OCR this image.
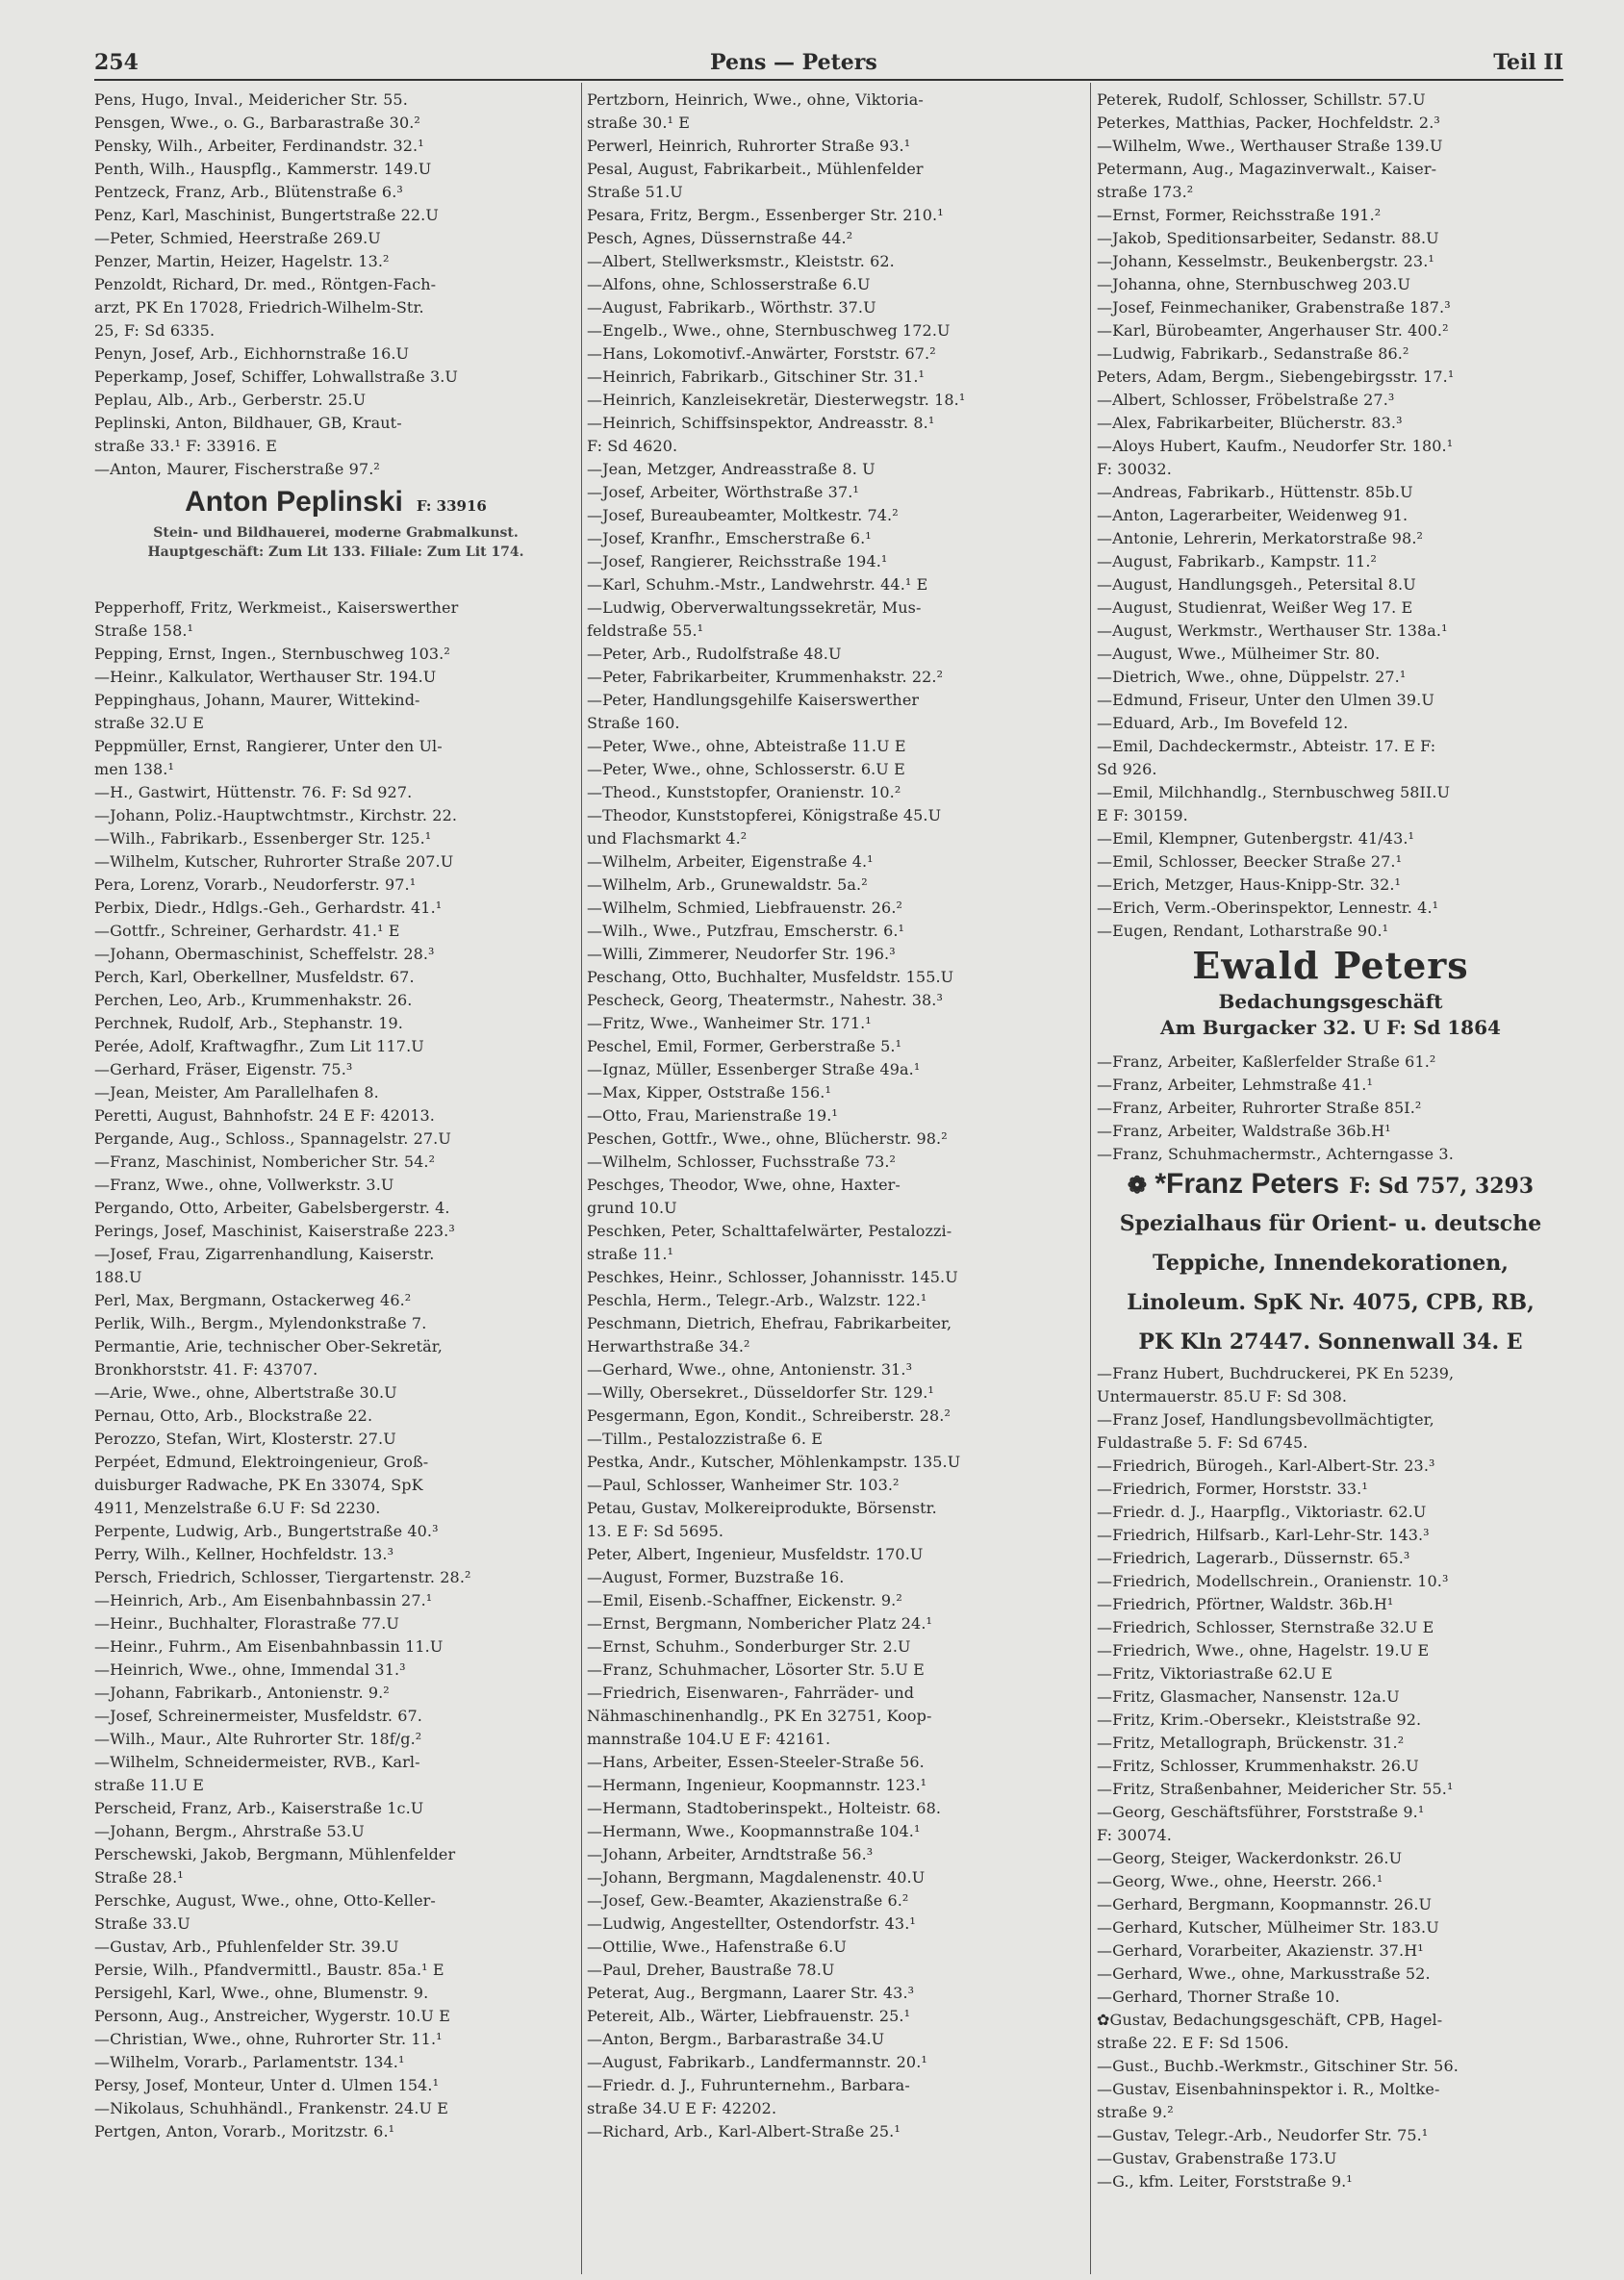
254	Pens — Peters	Teil II
Pens, Hugo, Inval., Meidericher Str. 55.
Pensgen, Wwe., o. G., Barbarastraße 30.²
Pensky, Wilh., Arbeiter, Ferdinandstr. 32.¹
Penth, Wilh., Hauspflg., Kammerstr. 149.U
Pentzeck, Franz, Arb., Blütenstraße 6.³
Penz, Karl, Maschinist, Bungertstraße 22.U
—Peter, Schmied, Heerstraße 269.U
Penzer, Martin, Heizer, Hagelstr. 13.²
Penzoldt, Richard, Dr. med., Röntgen-Fach-
arzt, PK En 17028, Friedrich-Wilhelm-Str.
25, F: Sd 6335.
Penyn, Josef, Arb., Eichhornstraße 16.U
Peperkamp, Josef, Schiffer, Lohwallstraße 3.U
Peplau, Alb., Arb., Gerberstr. 25.U
Peplinski, Anton, Bildhauer, GB, Kraut-
straße 33.¹ F: 33916. E
—Anton, Maurer, Fischerstraße 97.²
Anton Peplinski F: 33916
Stein- und Bildhauerei, moderne Grabmalkunst.
Hauptgeschäft: Zum Lit 133. Filiale: Zum Lit 174.
Pepperhoff, Fritz, Werkmeist., Kaiserswerther
Straße 158.¹
Pepping, Ernst, Ingen., Sternbuschweg 103.²
—Heinr., Kalkulator, Werthauser Str. 194.U
Peppinghaus, Johann, Maurer, Wittekind-
straße 32.U E
Peppmüller, Ernst, Rangierer, Unter den Ul-
men 138.¹
—H., Gastwirt, Hüttenstr. 76. F: Sd 927.
—Johann, Poliz.-Hauptwchtmstr., Kirchstr. 22.
—Wilh., Fabrikarb., Essenberger Str. 125.¹
—Wilhelm, Kutscher, Ruhrorter Straße 207.U
Pera, Lorenz, Vorarb., Neudorferstr. 97.¹
Perbix, Diedr., Hdlgs.-Geh., Gerhardstr. 41.¹
—Gottfr., Schreiner, Gerhardstr. 41.¹ E
—Johann, Obermaschinist, Scheffelstr. 28.³
Perch, Karl, Oberkellner, Musfeldstr. 67.
Perchen, Leo, Arb., Krummenhakstr. 26.
Perchnek, Rudolf, Arb., Stephanstr. 19.
Perée, Adolf, Kraftwagfhr., Zum Lit 117.U
—Gerhard, Fräser, Eigenstr. 75.³
—Jean, Meister, Am Parallelhafen 8.
Peretti, August, Bahnhofstr. 24 E F: 42013.
Pergande, Aug., Schloss., Spannagelstr. 27.U
—Franz, Maschinist, Nombericher Str. 54.²
—Franz, Wwe., ohne, Vollwerkstr. 3.U
Pergando, Otto, Arbeiter, Gabelsbergerstr. 4.
Perings, Josef, Maschinist, Kaiserstraße 223.³
—Josef, Frau, Zigarrenhandlung, Kaiserstr.
188.U
Perl, Max, Bergmann, Ostackerweg 46.²
Perlik, Wilh., Bergm., Mylendonkstraße 7.
Permantie, Arie, technischer Ober-Sekretär,
Bronkhorststr. 41. F: 43707.
—Arie, Wwe., ohne, Albertstraße 30.U
Pernau, Otto, Arb., Blockstraße 22.
Perozzo, Stefan, Wirt, Klosterstr. 27.U
Perpéet, Edmund, Elektroingenieur, Groß-
duisburger Radwache, PK En 33074, SpK
4911, Menzelstraße 6.U F: Sd 2230.
Perpente, Ludwig, Arb., Bungertstraße 40.³
Perry, Wilh., Kellner, Hochfeldstr. 13.³
Persch, Friedrich, Schlosser, Tiergartenstr. 28.²
—Heinrich, Arb., Am Eisenbahnbassin 27.¹
—Heinr., Buchhalter, Florastraße 77.U
—Heinr., Fuhrm., Am Eisenbahnbassin 11.U
—Heinrich, Wwe., ohne, Immendal 31.³
—Johann, Fabrikarb., Antonienstr. 9.²
—Josef, Schreinermeister, Musfeldstr. 67.
—Wilh., Maur., Alte Ruhrorter Str. 18f/g.²
—Wilhelm, Schneidermeister, RVB., Karl-
straße 11.U E
Perscheid, Franz, Arb., Kaiserstraße 1c.U
—Johann, Bergm., Ahrstraße 53.U
Perschewski, Jakob, Bergmann, Mühlenfelder
Straße 28.¹
Perschke, August, Wwe., ohne, Otto-Keller-
Straße 33.U
—Gustav, Arb., Pfuhlenfelder Str. 39.U
Persie, Wilh., Pfandvermittl., Baustr. 85a.¹ E
Persigehl, Karl, Wwe., ohne, Blumenstr. 9.
Personn, Aug., Anstreicher, Wygerstr. 10.U E
—Christian, Wwe., ohne, Ruhrorter Str. 11.¹
—Wilhelm, Vorarb., Parlamentstr. 134.¹
Persy, Josef, Monteur, Unter d. Ulmen 154.¹
—Nikolaus, Schuhhändl., Frankenstr. 24.U E
Pertgen, Anton, Vorarb., Moritzstr. 6.¹
Pertzborn, Heinrich, Wwe., ohne, Viktoria-
straße 30.¹ E
Perwerl, Heinrich, Ruhrorter Straße 93.¹
Pesal, August, Fabrikarbeit., Mühlenfelder
Straße 51.U
Pesara, Fritz, Bergm., Essenberger Str. 210.¹
Pesch, Agnes, Düssernstraße 44.²
—Albert, Stellwerksmstr., Kleiststr. 62.
—Alfons, ohne, Schlosserstraße 6.U
—August, Fabrikarb., Wörthstr. 37.U
—Engelb., Wwe., ohne, Sternbuschweg 172.U
—Hans, Lokomotivf.-Anwärter, Forststr. 67.²
—Heinrich, Fabrikarb., Gitschiner Str. 31.¹
—Heinrich, Kanzleisekretär, Diesterwegstr. 18.¹
—Heinrich, Schiffsinspektor, Andreasstr. 8.¹
F: Sd 4620.
—Jean, Metzger, Andreasstraße 8. U
—Josef, Arbeiter, Wörthstraße 37.¹
—Josef, Bureaubeamter, Moltkestr. 74.²
—Josef, Kranfhr., Emscherstraße 6.¹
—Josef, Rangierer, Reichsstraße 194.¹
—Karl, Schuhm.-Mstr., Landwehrstr. 44.¹ E
—Ludwig, Oberverwaltungssekretär, Mus-
feldstraße 55.¹
—Peter, Arb., Rudolfstraße 48.U
—Peter, Fabrikarbeiter, Krummenhakstr. 22.²
—Peter, Handlungsgehilfe Kaiserswerther
Straße 160.
—Peter, Wwe., ohne, Abteistraße 11.U E
—Peter, Wwe., ohne, Schlosserstr. 6.U E
—Theod., Kunststopfer, Oranienstr. 10.²
—Theodor, Kunststopferei, Königstraße 45.U
und Flachsmarkt 4.²
—Wilhelm, Arbeiter, Eigenstraße 4.¹
—Wilhelm, Arb., Grunewaldstr. 5a.²
—Wilhelm, Schmied, Liebfrauenstr. 26.²
—Wilh., Wwe., Putzfrau, Emscherstr. 6.¹
—Willi, Zimmerer, Neudorfer Str. 196.³
Peschang, Otto, Buchhalter, Musfeldstr. 155.U
Pescheck, Georg, Theatermstr., Nahestr. 38.³
—Fritz, Wwe., Wanheimer Str. 171.¹
Peschel, Emil, Former, Gerberstraße 5.¹
—Ignaz, Müller, Essenberger Straße 49a.¹
—Max, Kipper, Oststraße 156.¹
—Otto, Frau, Marienstraße 19.¹
Peschen, Gottfr., Wwe., ohne, Blücherstr. 98.²
—Wilhelm, Schlosser, Fuchsstraße 73.²
Peschges, Theodor, Wwe, ohne, Haxter-
grund 10.U
Peschken, Peter, Schalttafelwärter, Pestalozzi-
straße 11.¹
Peschkes, Heinr., Schlosser, Johannisstr. 145.U
Peschla, Herm., Telegr.-Arb., Walzstr. 122.¹
Peschmann, Dietrich, Ehefrau, Fabrikarbeiter,
Herwarthstraße 34.²
—Gerhard, Wwe., ohne, Antonienstr. 31.³
—Willy, Obersekret., Düsseldorfer Str. 129.¹
Pesgermann, Egon, Kondit., Schreiberstr. 28.²
—Tillm., Pestalozzistraße 6. E
Pestka, Andr., Kutscher, Möhlenkampstr. 135.U
—Paul, Schlosser, Wanheimer Str. 103.²
Petau, Gustav, Molkereiprodukte, Börsenstr.
13. E F: Sd 5695.
Peter, Albert, Ingenieur, Musfeldstr. 170.U
—August, Former, Buzstraße 16.
—Emil, Eisenb.-Schaffner, Eickenstr. 9.²
—Ernst, Bergmann, Nombericher Platz 24.¹
—Ernst, Schuhm., Sonderburger Str. 2.U
—Franz, Schuhmacher, Lösorter Str. 5.U E
—Friedrich, Eisenwaren-, Fahrräder- und
Nähmaschinenhandlg., PK En 32751, Koop-
mannstraße 104.U E F: 42161.
—Hans, Arbeiter, Essen-Steeler-Straße 56.
—Hermann, Ingenieur, Koopmannstr. 123.¹
—Hermann, Stadtoberinspekt., Holteistr. 68.
—Hermann, Wwe., Koopmannstraße 104.¹
—Johann, Arbeiter, Arndtstraße 56.³
—Johann, Bergmann, Magdalenenstr. 40.U
—Josef, Gew.-Beamter, Akazienstraße 6.²
—Ludwig, Angestellter, Ostendorfstr. 43.¹
—Ottilie, Wwe., Hafenstraße 6.U
—Paul, Dreher, Baustraße 78.U
Peterat, Aug., Bergmann, Laarer Str. 43.³
Petereit, Alb., Wärter, Liebfrauenstr. 25.¹
—Anton, Bergm., Barbarastraße 34.U
—August, Fabrikarb., Landfermannstr. 20.¹
—Friedr. d. J., Fuhrunternehm., Barbara-
straße 34.U E F: 42202.
—Richard, Arb., Karl-Albert-Straße 25.¹
Peterek, Rudolf, Schlosser, Schillstr. 57.U
Peterkes, Matthias, Packer, Hochfeldstr. 2.³
—Wilhelm, Wwe., Werthauser Straße 139.U
Petermann, Aug., Magazinverwalt., Kaiser-
straße 173.²
—Ernst, Former, Reichsstraße 191.²
—Jakob, Speditionsarbeiter, Sedanstr. 88.U
—Johann, Kesselmstr., Beukenbergstr. 23.¹
—Johanna, ohne, Sternbuschweg 203.U
—Josef, Feinmechaniker, Grabenstraße 187.³
—Karl, Bürobeamter, Angerhauser Str. 400.²
—Ludwig, Fabrikarb., Sedanstraße 86.²
Peters, Adam, Bergm., Siebengebirgsstr. 17.¹
—Albert, Schlosser, Fröbelstraße 27.³
—Alex, Fabrikarbeiter, Blücherstr. 83.³
—Aloys Hubert, Kaufm., Neudorfer Str. 180.¹
F: 30032.
—Andreas, Fabrikarb., Hüttenstr. 85b.U
—Anton, Lagerarbeiter, Weidenweg 91.
—Antonie, Lehrerin, Merkatorstraße 98.²
—August, Fabrikarb., Kampstr. 11.²
—August, Handlungsgeh., Petersital 8.U
—August, Studienrat, Weißer Weg 17. E
—August, Werkmstr., Werthauser Str. 138a.¹
—August, Wwe., Mülheimer Str. 80.
—Dietrich, Wwe., ohne, Düppelstr. 27.¹
—Edmund, Friseur, Unter den Ulmen 39.U
—Eduard, Arb., Im Bovefeld 12.
—Emil, Dachdeckermstr., Abteistr. 17. E F:
Sd 926.
—Emil, Milchhandlg., Sternbuschweg 58II.U
E F: 30159.
—Emil, Klempner, Gutenbergstr. 41/43.¹
—Emil, Schlosser, Beecker Straße 27.¹
—Erich, Metzger, Haus-Knipp-Str. 32.¹
—Erich, Verm.-Oberinspektor, Lennestr. 4.¹
—Eugen, Rendant, Lotharstraße 90.¹
Ewald Peters
Bedachungsgeschäft
Am Burgacker 32. U F: Sd 1864
—Franz, Arbeiter, Kaßlerfelder Straße 61.²
—Franz, Arbeiter, Lehmstraße 41.¹
—Franz, Arbeiter, Ruhrorter Straße 85I.²
—Franz, Arbeiter, Waldstraße 36b.H¹
—Franz, Schuhmachermstr., Achterngasse 3.
❁ *Franz Peters F: Sd 757, 3293
Spezialhaus für Orient- u. deutsche
Teppiche, Innendekorationen,
Linoleum. SpK Nr. 4075, CPB, RB,
PK Kln 27447. Sonnenwall 34. E
—Franz Hubert, Buchdruckerei, PK En 5239,
Untermauerstr. 85.U F: Sd 308.
—Franz Josef, Handlungsbevollmächtigter,
Fuldastraße 5. F: Sd 6745.
—Friedrich, Bürogeh., Karl-Albert-Str. 23.³
—Friedrich, Former, Horststr. 33.¹
—Friedr. d. J., Haarpflg., Viktoriastr. 62.U
—Friedrich, Hilfsarb., Karl-Lehr-Str. 143.³
—Friedrich, Lagerarb., Düssernstr. 65.³
—Friedrich, Modellschrein., Oranienstr. 10.³
—Friedrich, Pförtner, Waldstr. 36b.H¹
—Friedrich, Schlosser, Sternstraße 32.U E
—Friedrich, Wwe., ohne, Hagelstr. 19.U E
—Fritz, Viktoriastraße 62.U E
—Fritz, Glasmacher, Nansenstr. 12a.U
—Fritz, Krim.-Obersekr., Kleiststraße 92.
—Fritz, Metallograph, Brückenstr. 31.²
—Fritz, Schlosser, Krummenhakstr. 26.U
—Fritz, Straßenbahner, Meidericher Str. 55.¹
—Georg, Geschäftsführer, Forststraße 9.¹
F: 30074.
—Georg, Steiger, Wackerdonkstr. 26.U
—Georg, Wwe., ohne, Heerstr. 266.¹
—Gerhard, Bergmann, Koopmannstr. 26.U
—Gerhard, Kutscher, Mülheimer Str. 183.U
—Gerhard, Vorarbeiter, Akazienstr. 37.H¹
—Gerhard, Wwe., ohne, Markusstraße 52.
—Gerhard, Thorner Straße 10.
✿Gustav, Bedachungsgeschäft, CPB, Hagel-
straße 22. E F: Sd 1506.
—Gust., Buchb.-Werkmstr., Gitschiner Str. 56.
—Gustav, Eisenbahninspektor i. R., Moltke-
straße 9.²
—Gustav, Telegr.-Arb., Neudorfer Str. 75.¹
—Gustav, Grabenstraße 173.U
—G., kfm. Leiter, Forststraße 9.¹
